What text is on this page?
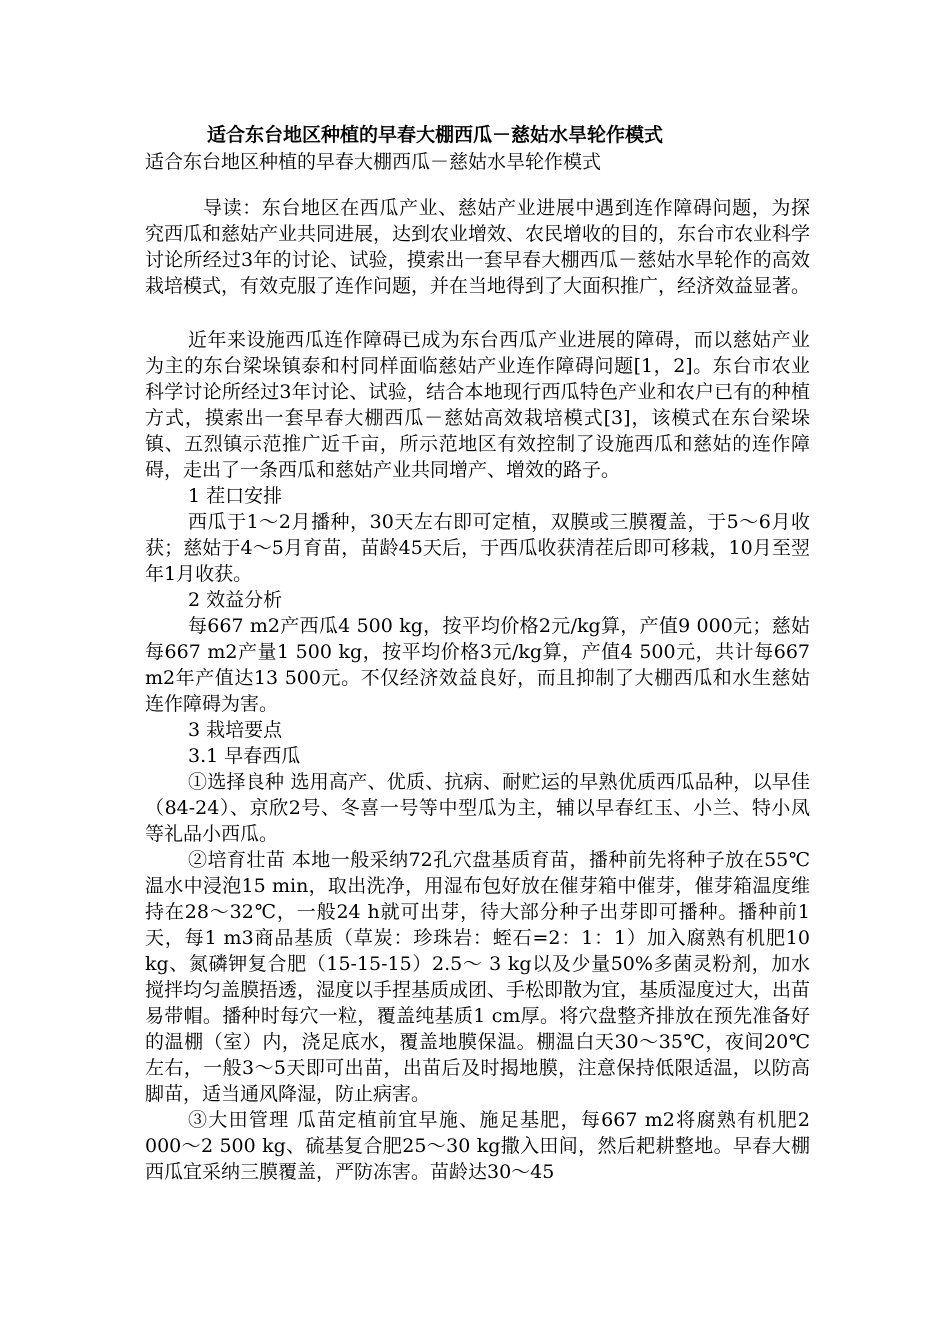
适合东台地区种植的早春大棚西瓜－慈姑水旱轮作模式

适合东台地区种植的早春大棚西瓜－慈姑水旱轮作模式

导读：东台地区在西瓜产业、慈姑产业进展中遇到连作障碍问题，为探究西瓜和慈姑产业共同进展，达到农业增效、农民增收的目的，东台市农业科学讨论所经过3年的讨论、试验，摸索出一套早春大棚西瓜－慈姑水旱轮作的高效栽培模式，有效克服了连作问题，并在当地得到了大面积推广，经济效益显著。

近年来设施西瓜连作障碍已成为东台西瓜产业进展的障碍，而以慈姑产业为主的东台梁垛镇泰和村同样面临慈姑产业连作障碍问题[1，2]。东台市农业科学讨论所经过3年讨论、试验，结合本地现行西瓜特色产业和农户已有的种植方式，摸索出一套早春大棚西瓜－慈姑高效栽培模式[3]，该模式在东台梁垛镇、五烈镇示范推广近千亩，所示范地区有效控制了设施西瓜和慈姑的连作障碍，走出了一条西瓜和慈姑产业共同增产、增效的路子。

1 茬口安排

西瓜于1～2月播种，30天左右即可定植，双膜或三膜覆盖，于5～6月收获；慈姑于4～5月育苗，苗龄45天后，于西瓜收获清茬后即可移栽，10月至翌年1月收获。

2 效益分析

每667 m2产西瓜4 500 kg，按平均价格2元/kg算，产值9 000元；慈姑每667 m2产量1 500 kg，按平均价格3元/kg算，产值4 500元，共计每667 m2年产值达13 500元。不仅经济效益良好，而且抑制了大棚西瓜和水生慈姑连作障碍为害。

3 栽培要点

3.1 早春西瓜

①选择良种 选用高产、优质、抗病、耐贮运的早熟优质西瓜品种，以早佳（84-24）、京欣2号、冬喜一号等中型瓜为主，辅以早春红玉、小兰、特小凤等礼品小西瓜。

②培育壮苗 本地一般采纳72孔穴盘基质育苗，播种前先将种子放在55℃温水中浸泡15 min，取出洗净，用湿布包好放在催芽箱中催芽，催芽箱温度维持在28～32℃，一般24 h就可出芽，待大部分种子出芽即可播种。播种前1天，每1 m3商品基质（草炭：珍珠岩：蛭石=2：1：1）加入腐熟有机肥10 kg、氮磷钾复合肥（15-15-15）2.5～ 3 kg以及少量50%多菌灵粉剂，加水搅拌均匀盖膜捂透，湿度以手捏基质成团、手松即散为宜，基质湿度过大，出苗易带帽。播种时每穴一粒，覆盖纯基质1 cm厚。将穴盘整齐排放在预先准备好的温棚（室）内，浇足底水，覆盖地膜保温。棚温白天30～35℃，夜间20℃左右，一般3～5天即可出苗，出苗后及时揭地膜，注意保持低限适温，以防高脚苗，适当通风降湿，防止病害。

③大田管理 瓜苗定植前宜早施、施足基肥，每667 m2将腐熟有机肥2 000～2 500 kg、硫基复合肥25～30 kg撒入田间，然后耙耕整地。早春大棚西瓜宜采纳三膜覆盖，严防冻害。苗龄达30～45
